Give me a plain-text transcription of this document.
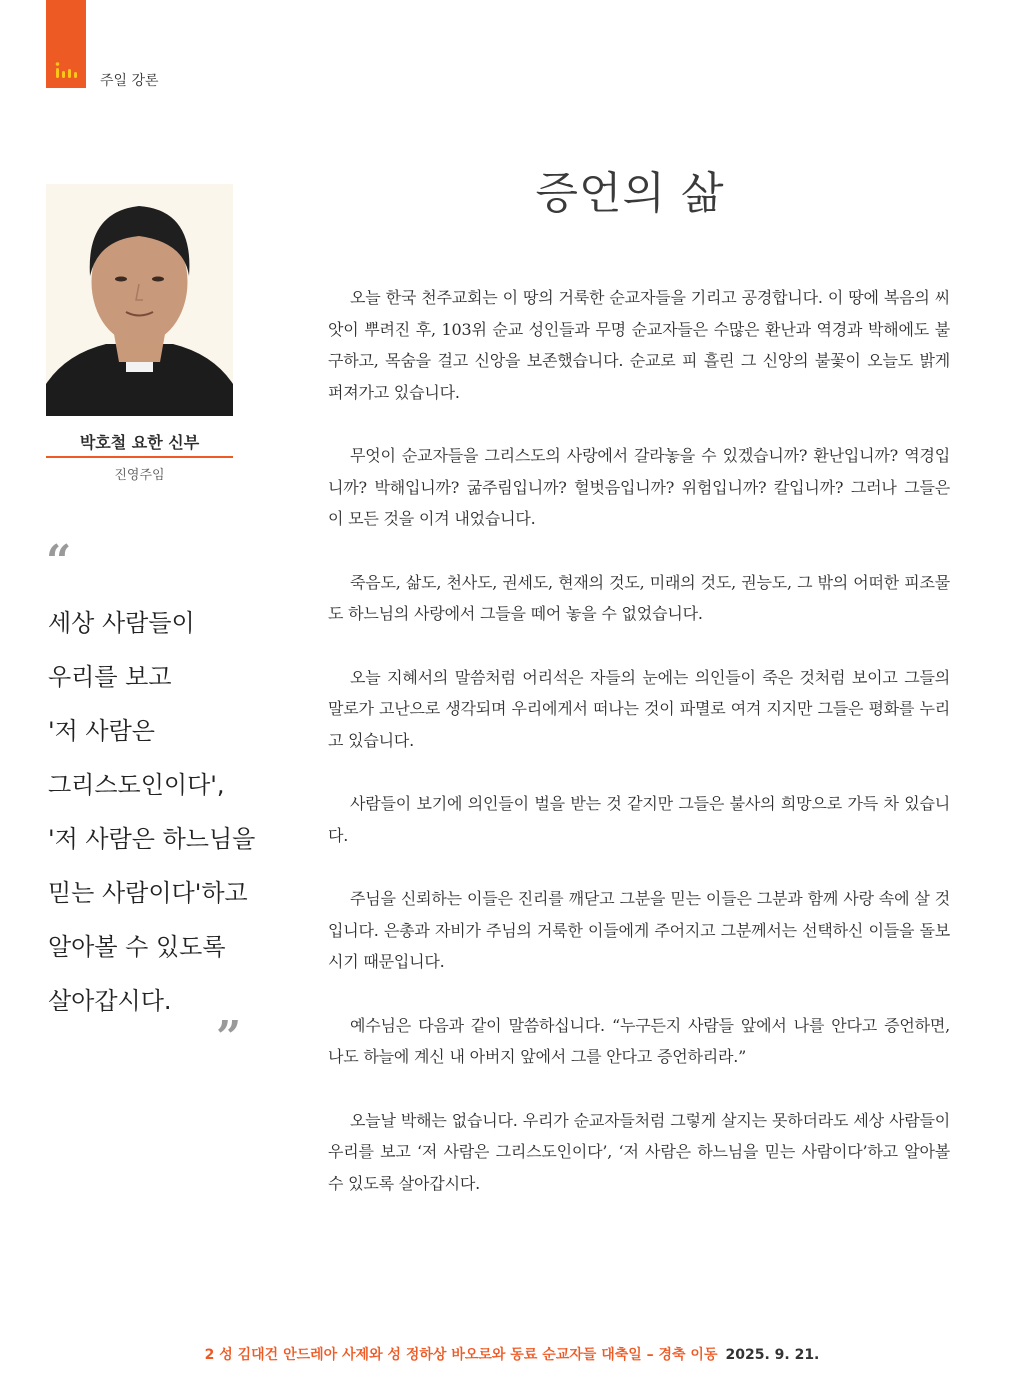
주일 강론
증언의 삶
박호철 요한 신부
진영주임
“
세상 사람들이
우리를 보고
'저 사람은
그리스도인이다',
'저 사람은 하느님을
믿는 사람이다'하고
알아볼 수 있도록
살아갑시다.
”

오늘 한국 천주교회는 이 땅의 거룩한 순교자들을 기리고 공경합니다. 이 땅에 복음의 씨앗이 뿌려진 후, 103위 순교 성인들과 무명 순교자들은 수많은 환난과 역경과 박해에도 불구하고, 목숨을 걸고 신앙을 보존했습니다. 순교로 피 흘린 그 신앙의 불꽃이 오늘도 밝게 퍼져가고 있습니다.

무엇이 순교자들을 그리스도의 사랑에서 갈라놓을 수 있겠습니까? 환난입니까? 역경입니까? 박해입니까? 굶주림입니까? 헐벗음입니까? 위험입니까? 칼입니까? 그러나 그들은 이 모든 것을 이겨 내었습니다.

죽음도, 삶도, 천사도, 권세도, 현재의 것도, 미래의 것도, 권능도, 그 밖의 어떠한 피조물도 하느님의 사랑에서 그들을 떼어 놓을 수 없었습니다.

오늘 지혜서의 말씀처럼 어리석은 자들의 눈에는 의인들이 죽은 것처럼 보이고 그들의 말로가 고난으로 생각되며 우리에게서 떠나는 것이 파멸로 여겨 지지만 그들은 평화를 누리고 있습니다.

사람들이 보기에 의인들이 벌을 받는 것 같지만 그들은 불사의 희망으로 가득 차 있습니다.

주님을 신뢰하는 이들은 진리를 깨닫고 그분을 믿는 이들은 그분과 함께 사랑 속에 살 것입니다. 은총과 자비가 주님의 거룩한 이들에게 주어지고 그분께서는 선택하신 이들을 돌보시기 때문입니다.

예수님은 다음과 같이 말씀하십니다. “누구든지 사람들 앞에서 나를 안다고 증언하면, 나도 하늘에 계신 내 아버지 앞에서 그를 안다고 증언하리라.”

오늘날 박해는 없습니다. 우리가 순교자들처럼 그렇게 살지는 못하더라도 세상 사람들이 우리를 보고 ‘저 사람은 그리스도인이다’, ‘저 사람은 하느님을 믿는 사람이다’하고 알아볼 수 있도록 살아갑시다.

2 성 김대건 안드레아 사제와 성 정하상 바오로와 동료 순교자들 대축일 – 경축 이동 2025. 9. 21.
